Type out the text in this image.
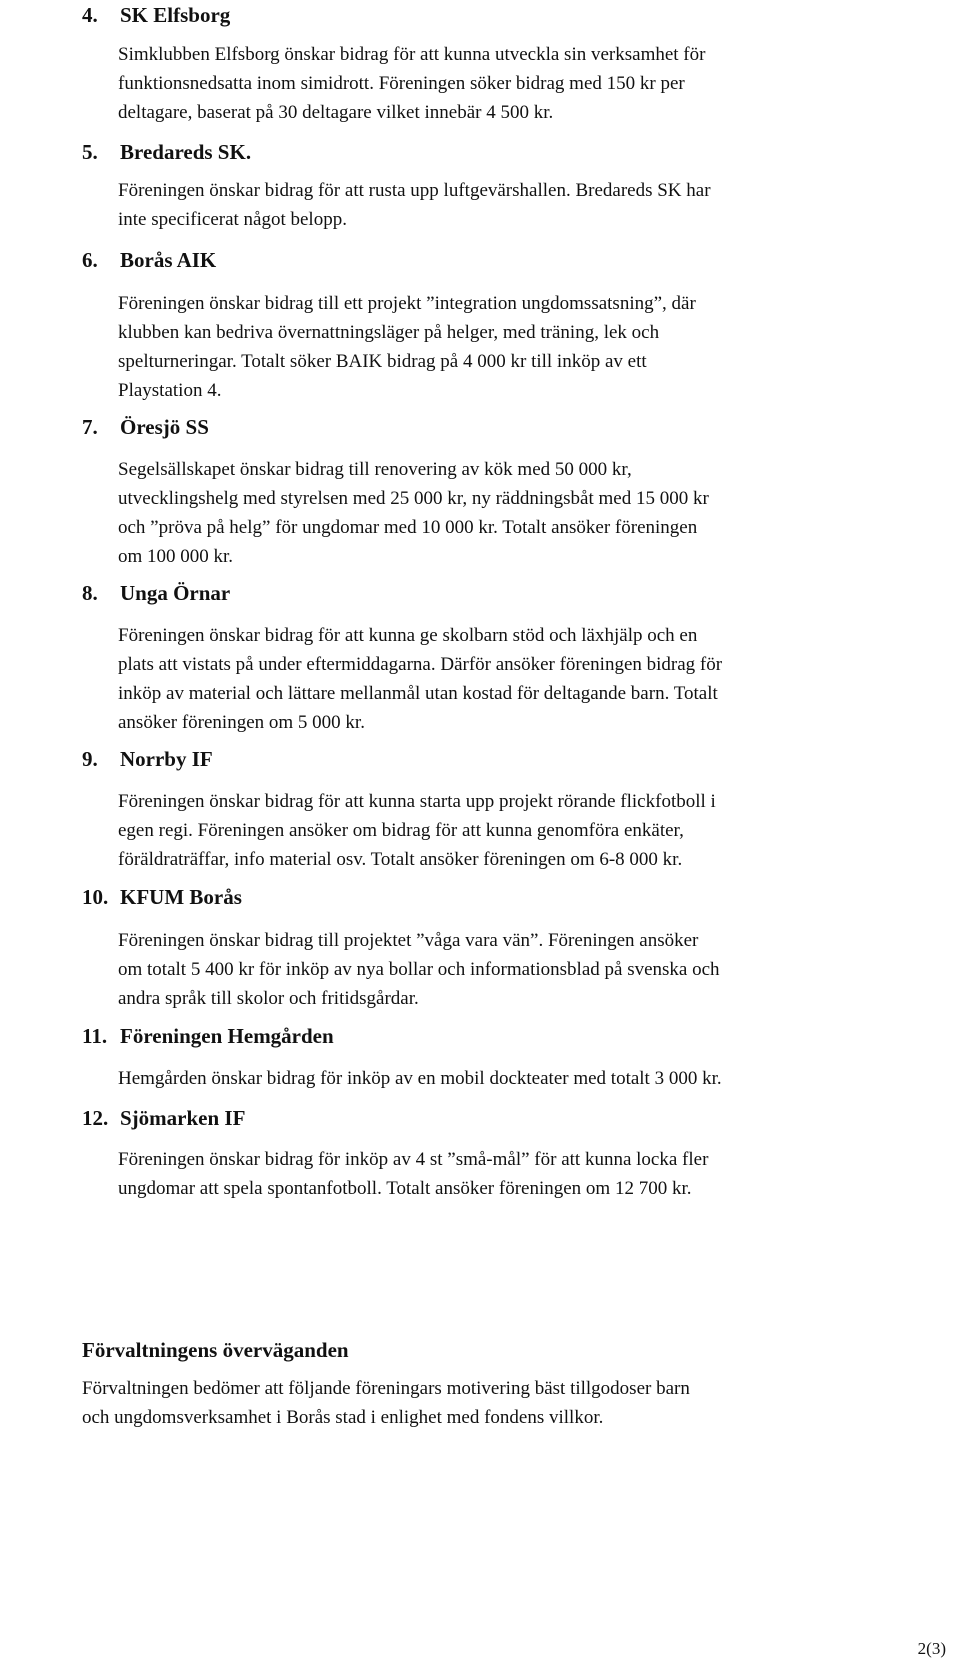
4. SK Elfsborg
Simklubben Elfsborg önskar bidrag för att kunna utveckla sin verksamhet för
funktionsnedsatta inom simidrott. Föreningen söker bidrag med 150 kr per
deltagare, baserat på 30 deltagare vilket innebär 4 500 kr.
5. Bredareds SK.
Föreningen önskar bidrag för att rusta upp luftgevärshallen. Bredareds SK har
inte specificerat något belopp.
6. Borås AIK
Föreningen önskar bidrag till ett projekt ”integration ungdomssatsning”, där
klubben kan bedriva övernattningsläger på helger, med träning, lek och
spelturneringar. Totalt söker BAIK bidrag på 4 000 kr till inköp av ett
Playstation 4.
7. Öresjö SS
Segelsällskapet önskar bidrag till renovering av kök med 50 000 kr,
utvecklingshelg med styrelsen med 25 000 kr, ny räddningsbåt med 15 000 kr
och ”pröva på helg” för ungdomar med 10 000 kr. Totalt ansöker föreningen
om 100 000 kr.
8. Unga Örnar
Föreningen önskar bidrag för att kunna ge skolbarn stöd och läxhjälp och en
plats att vistats på under eftermiddagarna. Därför ansöker föreningen bidrag för
inköp av material och lättare mellanmål utan kostad för deltagande barn. Totalt
ansöker föreningen om 5 000 kr.
9. Norrby IF
Föreningen önskar bidrag för att kunna starta upp projekt rörande flickfotboll i
egen regi. Föreningen ansöker om bidrag för att kunna genomföra enkäter,
föräldraträffar, info material osv. Totalt ansöker föreningen om 6-8 000 kr.
10. KFUM Borås
Föreningen önskar bidrag till projektet ”våga vara vän”. Föreningen ansöker
om totalt 5 400 kr för inköp av nya bollar och informationsblad på svenska och
andra språk till skolor och fritidsgårdar.
11. Föreningen Hemgården
Hemgården önskar bidrag för inköp av en mobil dockteater med totalt 3 000 kr.
12. Sjömarken IF
Föreningen önskar bidrag för inköp av 4 st ”små-mål” för att kunna locka fler
ungdomar att spela spontanfotboll. Totalt ansöker föreningen om 12 700 kr.
Förvaltningens överväganden
Förvaltningen bedömer att följande föreningars motivering bäst tillgodoser barn
och ungdomsverksamhet i Borås stad i enlighet med fondens villkor.
2(3)
